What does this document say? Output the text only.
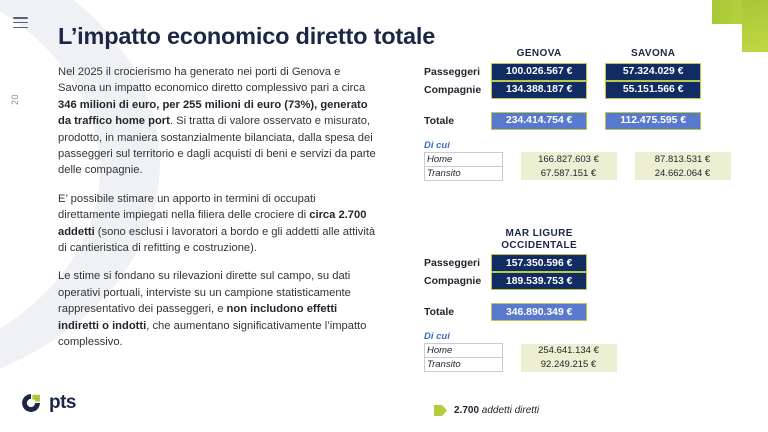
20
L’impatto economico diretto totale

Nel 2025 il crocierismo ha generato nei porti di Genova e Savona un impatto economico diretto complessivo pari a circa 346 milioni di euro, per 255 milioni di euro (73%), generato da traffico home port. Si tratta di valore osservato e misurato, prodotto, in maniera sostanzialmente bilanciata, dalla spesa dei passeggeri sul territorio e dagli acquisti di beni e servizi da parte delle compagnie.

E’ possibile stimare un apporto in termini di occupati direttamente impiegati nella filiera delle crociere di circa 2.700 addetti (sono esclusi i lavoratori a bordo e gli addetti alle attività di cantieristica di refitting e costruzione).

Le stime si fondano su rilevazioni dirette sul campo, su dati operativi portuali, interviste su un campione statisticamente rappresentativo dei passeggeri, e non includono effetti indiretti o indotti, che aumentano significativamente l’impatto complessivo.

	GENOVA		SAVONA
Passeggeri	100.026.567 €		57.324.029 €
Compagnie	134.388.187 €		55.151.566 €

Totale	234.414.754 €		112.475.595 €
Di cui
Home		166.827.603 €		87.813.531 €
Transito		67.587.151 €		24.662.064 €

	MAR LIGURE
OCCIDENTALE

Passeggeri	157.350.596 €
Compagnie	189.539.753 €

Totale	346.890.349 €
Di cui
Home		254.641.134 €
Transito		92.249.215 €
pts	2.700 addetti diretti
